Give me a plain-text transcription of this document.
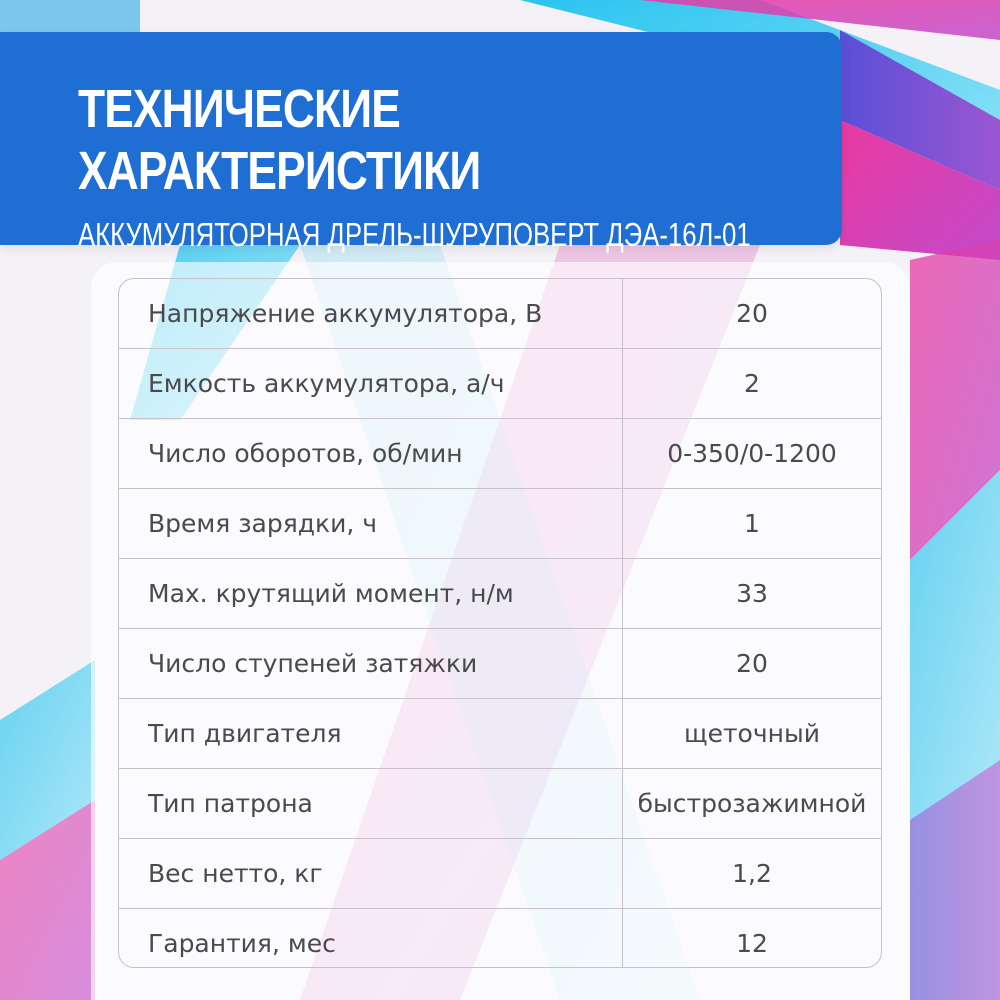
ТЕХНИЧЕСКИЕ
ХАРАКТЕРИСТИКИ
АККУМУЛЯТОРНАЯ ДРЕЛЬ-ШУРУПОВЕРТ ДЭА-16Л-01
Напряжение аккумулятора, В	20
Емкость аккумулятора, а/ч	2
Число оборотов, об/мин	0-350/0-1200
Время зарядки, ч	1
Max. крутящий момент, н/м	33
Число ступеней затяжки	20
Тип двигателя	щеточный
Тип патрона	быстрозажимной
Вес нетто, кг	1,2
Гарантия, мес	12
